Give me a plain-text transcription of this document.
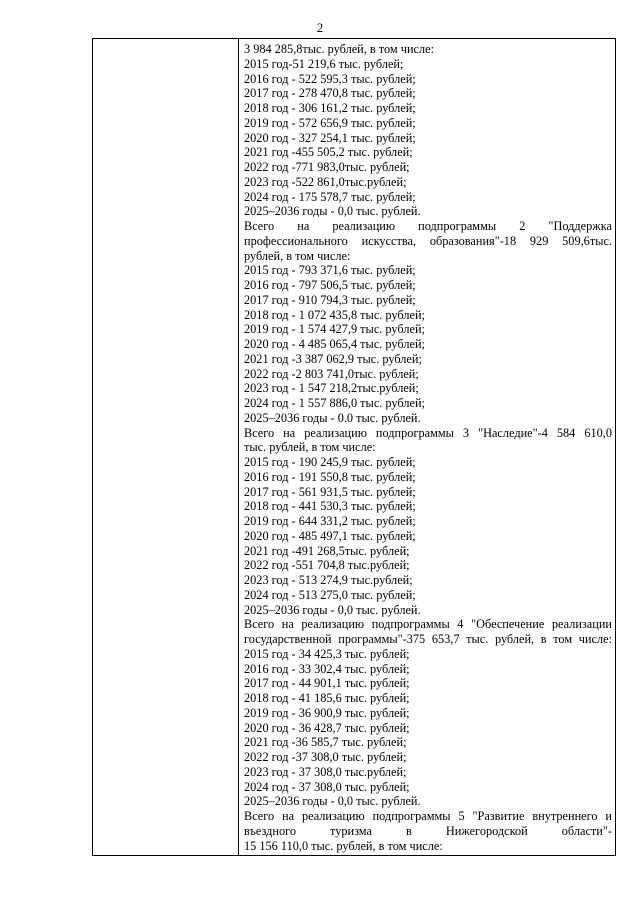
2
3 984 285,8тыс. рублей, в том числе:
2015 год-51 219,6 тыс. рублей;
2016 год - 522 595,3 тыс. рублей;
2017 год - 278 470,8 тыс. рублей;
2018 год - 306 161,2 тыс. рублей;
2019 год - 572 656,9 тыс. рублей;
2020 год - 327 254,1 тыс. рублей;
2021 год -455 505,2 тыс. рублей;
2022 год -771 983,0тыс. рублей;
2023 год -522 861,0тыс.рублей;
2024 год - 175 578,7 тыс. рублей;
2025–2036 годы - 0,0 тыс. рублей.
Всего на реализацию подпрограммы 2 "Поддержка
профессионального искусства, образования"-18 929 509,6тыс.
рублей, в том числе:
2015 год - 793 371,6 тыс. рублей;
2016 год - 797 506,5 тыс. рублей;
2017 год - 910 794,3 тыс. рублей;
2018 год - 1 072 435,8 тыс. рублей;
2019 год - 1 574 427,9 тыс. рублей;
2020 год - 4 485 065,4 тыс. рублей;
2021 год -3 387 062,9 тыс. рублей;
2022 год -2 803 741,0тыс. рублей;
2023 год - 1 547 218,2тыс.рублей;
2024 год - 1 557 886,0 тыс. рублей;
2025–2036 годы - 0.0 тыс. рублей.
Всего на реализацию подпрограммы 3 "Наследие"-4 584 610,0
тыс. рублей, в том числе:
2015 год - 190 245,9 тыс. рублей;
2016 год - 191 550,8 тыс. рублей;
2017 год - 561 931,5 тыс. рублей;
2018 год - 441 530,3 тыс. рублей;
2019 год - 644 331,2 тыс. рублей;
2020 год - 485 497,1 тыс. рублей;
2021 год -491 268,5тыс. рублей;
2022 год -551 704,8 тыс.рублей;
2023 год - 513 274,9 тыс.рублей;
2024 год - 513 275,0 тыс. рублей;
2025–2036 годы - 0,0 тыс. рублей.
Всего на реализацию подпрограммы 4 "Обеспечение реализации
государственной программы"-375 653,7 тыс. рублей, в том числе:
2015 год - 34 425,3 тыс. рублей;
2016 год - 33 302,4 тыс. рублей;
2017 год - 44 901,1 тыс. рублей;
2018 год - 41 185,6 тыс. рублей;
2019 год - 36 900,9 тыс. рублей;
2020 год - 36 428,7 тыс. рублей;
2021 год -36 585,7 тыс. рублей;
2022 год -37 308,0 тыс. рублей;
2023 год - 37 308,0 тыс.рублей;
2024 год - 37 308,0 тыс. рублей;
2025–2036 годы - 0,0 тыс. рублей.
Всего на реализацию подпрограммы 5 "Развитие внутреннего и
въездного туризма в Нижегородской области"-
15 156 110,0 тыс. рублей, в том числе:
